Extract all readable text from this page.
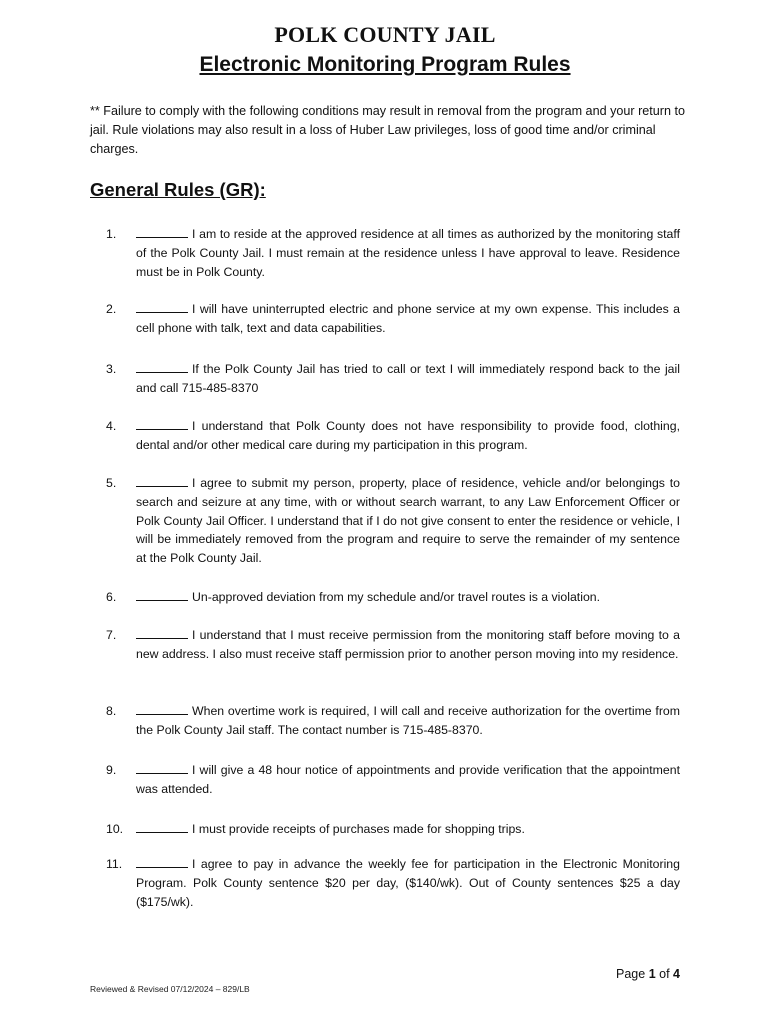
POLK COUNTY JAIL
Electronic Monitoring Program Rules
** Failure to comply with the following conditions may result in removal from the program and your return to jail. Rule violations may also result in a loss of Huber Law privileges, loss of good time and/or criminal charges.
General Rules (GR):
1.	I am to reside at the approved residence at all times as authorized by the monitoring staff of the Polk County Jail. I must remain at the residence unless I have approval to leave. Residence must be in Polk County.
2.	I will have uninterrupted electric and phone service at my own expense. This includes a cell phone with talk, text and data capabilities.
3.	If the Polk County Jail has tried to call or text I will immediately respond back to the jail and call 715-485-8370
4.	I understand that Polk County does not have responsibility to provide food, clothing, dental and/or other medical care during my participation in this program.
5.	I agree to submit my person, property, place of residence, vehicle and/or belongings to search and seizure at any time, with or without search warrant, to any Law Enforcement Officer or Polk County Jail Officer. I understand that if I do not give consent to enter the residence or vehicle, I will be immediately removed from the program and require to serve the remainder of my sentence at the Polk County Jail.
6.	Un-approved deviation from my schedule and/or travel routes is a violation.
7.	I understand that I must receive permission from the monitoring staff before moving to a new address. I also must receive staff permission prior to another person moving into my residence.
8.	When overtime work is required, I will call and receive authorization for the overtime from the Polk County Jail staff. The contact number is 715-485-8370.
9.	I will give a 48 hour notice of appointments and provide verification that the appointment was attended.
10.	I must provide receipts of purchases made for shopping trips.
11.	I agree to pay in advance the weekly fee for participation in the Electronic Monitoring Program. Polk County sentence $20 per day, ($140/wk). Out of County sentences $25 a day ($175/wk).
Page 1 of 4
Reviewed & Revised 07/12/2024 – 829/LB
